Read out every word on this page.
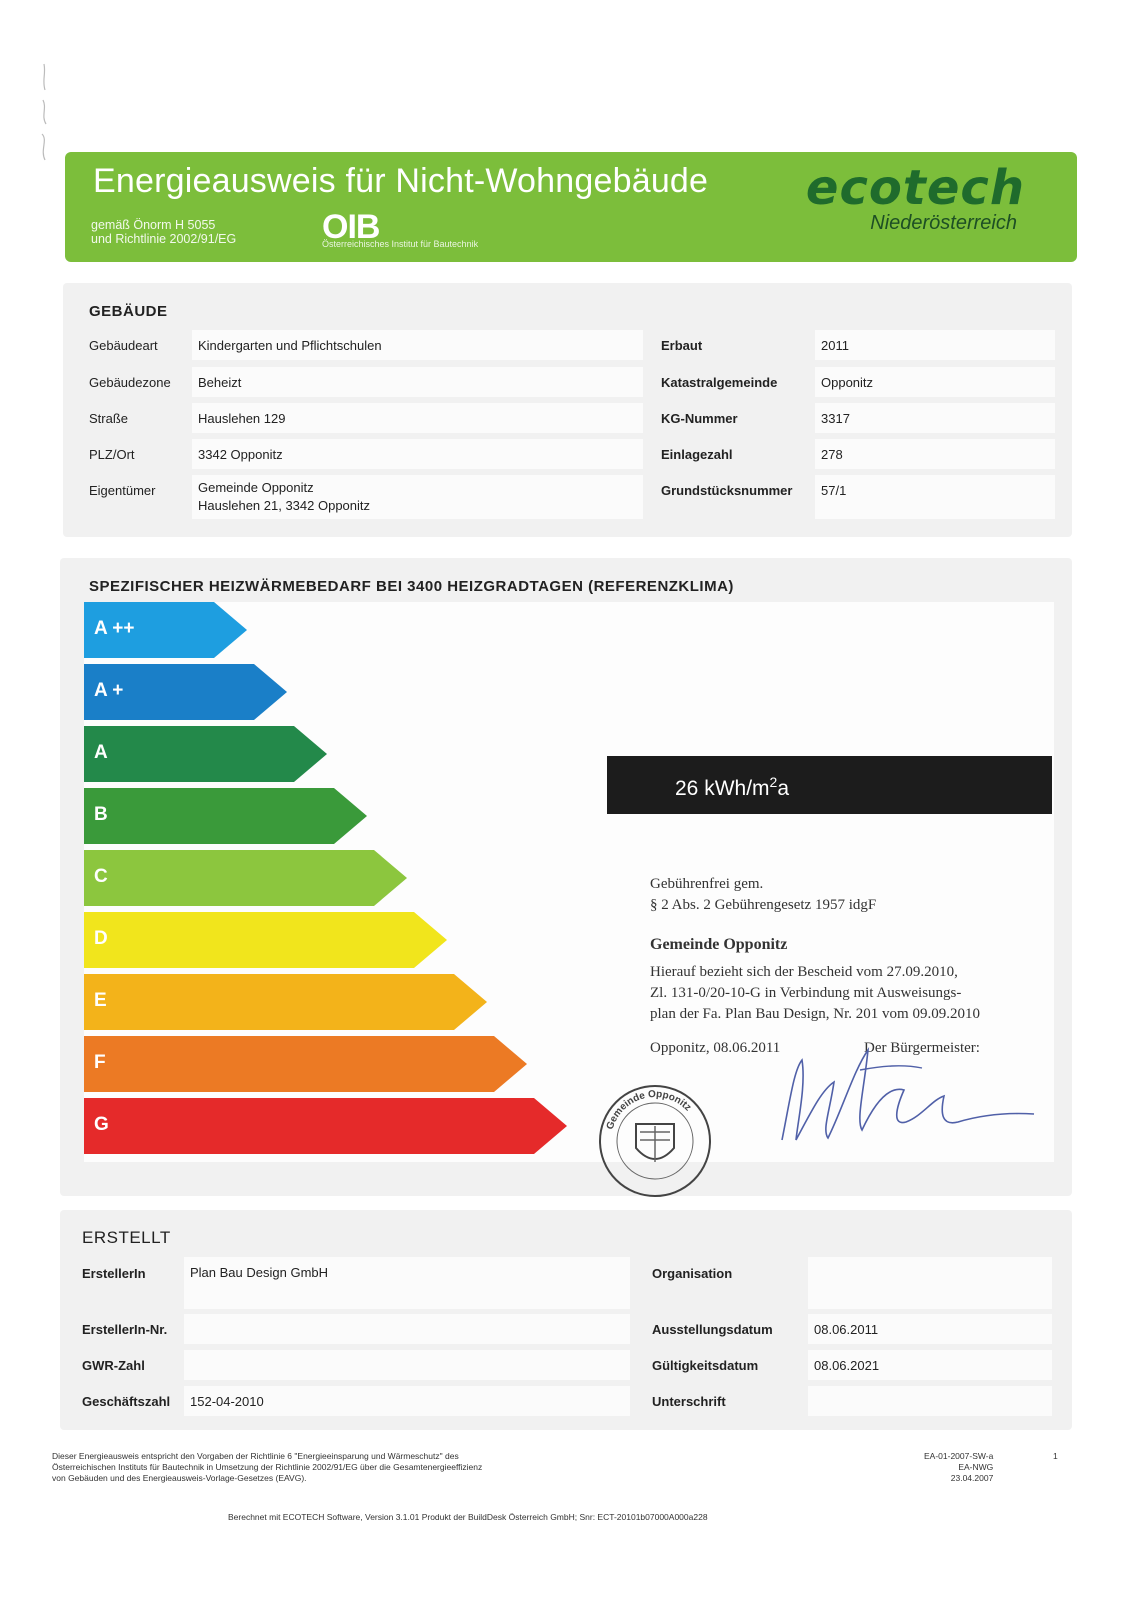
Energieausweis für Nicht-Wohngebäude
gemäß Önorm H 5055
und Richtlinie 2002/91/EG	OIB
Österreichisches Institut für Bautechnik
ecotech
Niederösterreich
GEBÄUDE
Gebäudeart	Kindergarten und Pflichtschulen
Gebäudezone	Beheizt
Straße	Hauslehen 129
PLZ/Ort	3342 Opponitz
Eigentümer	Gemeinde Opponitz
Hauslehen 21, 3342 Opponitz
Erbaut	2011
Katastralgemeinde	Opponitz
KG-Nummer	3317
Einlagezahl	278
Grundstücksnummer	57/1
SPEZIFISCHER HEIZWÄRMEBEDARF BEI 3400 HEIZGRADTAGEN (REFERENZKLIMA)
A ++
A +
A
B
C
D
E
F
G
26 kWh/$m^2a$
Gebührenfrei gem.
§ 2 Abs. 2 Gebührengesetz 1957 idgF
Gemeinde Opponitz
Hierauf bezieht sich der Bescheid vom 27.09.2010,
Zl. 131-0/20-10-G in Verbindung mit Ausweisungs-
plan der Fa. Plan Bau Design, Nr. 201 vom 09.09.2010
Opponitz, 08.06.2011	Der Bürgermeister:
Gemeinde Opponitz
ERSTELLT
ErstellerIn	Plan Bau Design GmbH
ErstellerIn-Nr.
GWR-Zahl
Geschäftszahl	152-04-2010
Organisation
Ausstellungsdatum	08.06.2011
Gültigkeitsdatum	08.06.2021
Unterschrift
Dieser Energieausweis entspricht den Vorgaben der Richtlinie 6 "Energieeinsparung und Wärmeschutz" des
Österreichischen Instituts für Bautechnik in Umsetzung der Richtlinie 2002/91/EG über die Gesamtenergieeffizienz
von Gebäuden und des Energieausweis-Vorlage-Gesetzes (EAVG).
EA-01-2007-SW-a
EA-NWG
23.04.2007
1
Berechnet mit ECOTECH Software, Version 3.1.01 Produkt der BuildDesk Österreich GmbH; Snr: ECT-20101b07000A000a228
